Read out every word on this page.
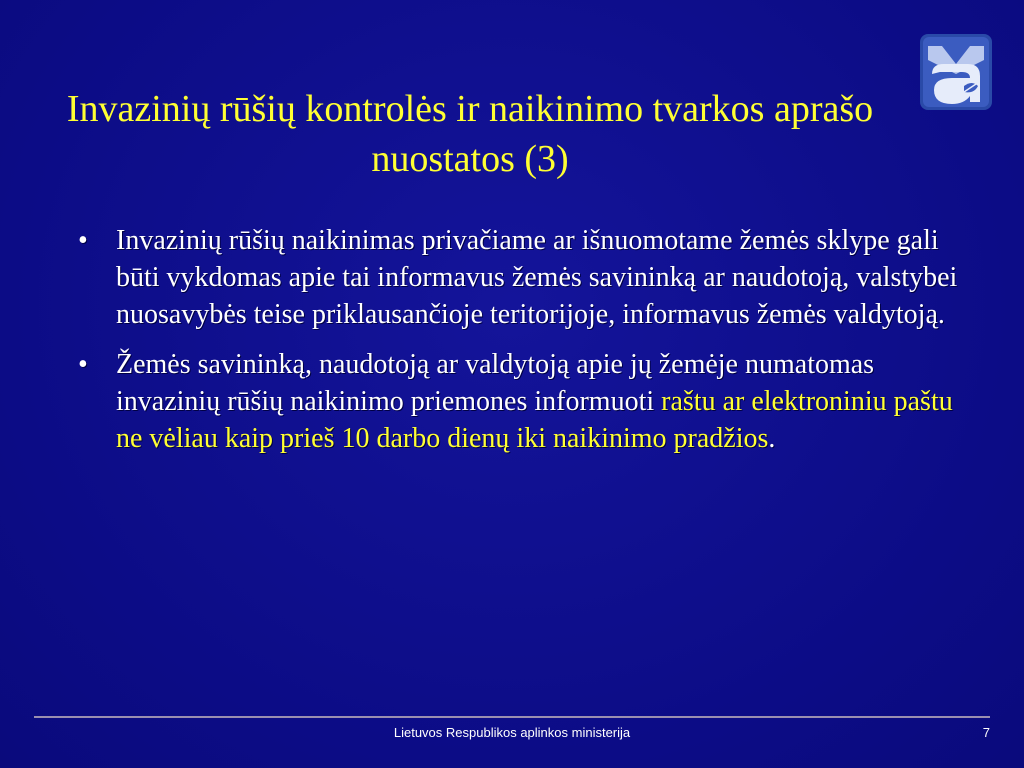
Invazinių rūšių kontrolės ir naikinimo tvarkos aprašo nuostatos (3)
• Invazinių rūšių naikinimas privačiame ar išnuomotame žemės sklype gali būti vykdomas apie tai informavus žemės savininką ar naudotoją, valstybei nuosavybės teise priklausančioje teritorijoje, informavus žemės valdytoją.
• Žemės savininką, naudotoją ar valdytoją apie jų žemėje numatomas invazinių rūšių naikinimo priemones informuoti raštu ar elektroniniu paštu ne vėliau kaip prieš 10 darbo dienų iki naikinimo pradžios.
Lietuvos Respublikos aplinkos ministerija	7
